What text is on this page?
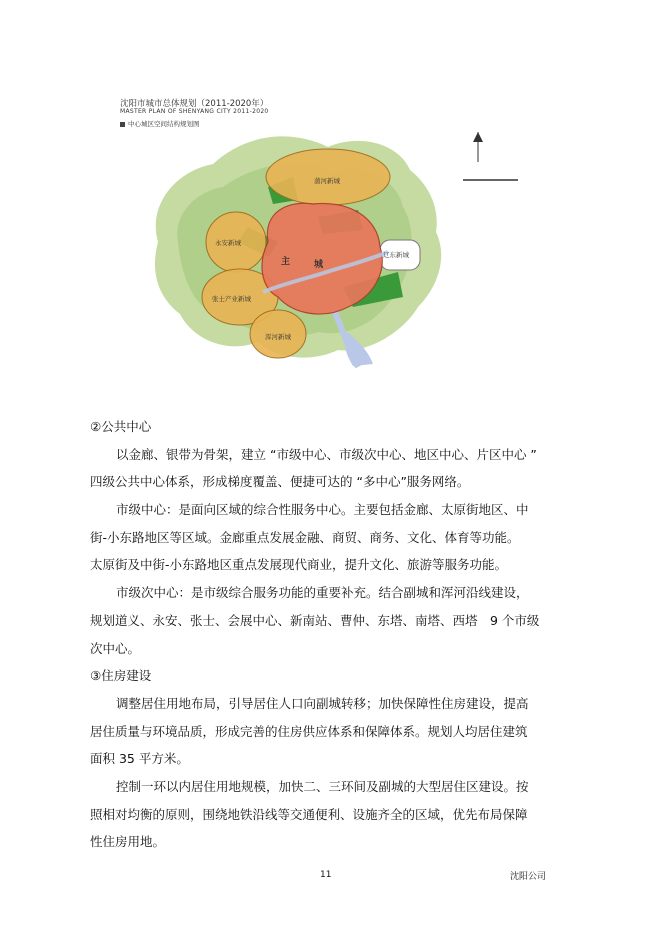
沈阳市城市总体规划（2011-2020年）
MASTER PLAN OF SHENYANG CITY 2011-2020
中心城区空间结构规划图
蒲河新城
永安新城
张士产业新城
浑河新城
辽东新城
主	城
②公共中心
以金廊、银带为骨架，建立 “市级中心、市级次中心、地区中心、片区中心 ”
四级公共中心体系，形成梯度覆盖、便捷可达的 “多中心”服务网络。
市级中心：是面向区域的综合性服务中心。主要包括金廊、太原街地区、中
街-小东路地区等区域。金廊重点发展金融、商贸、商务、文化、体育等功能。
太原街及中街-小东路地区重点发展现代商业，提升文化、旅游等服务功能。
市级次中心：是市级综合服务功能的重要补充。结合副城和浑河沿线建设，
规划道义、永安、张士、会展中心、新南站、曹仲、东塔、南塔、西塔　9 个市级
次中心。
③住房建设
调整居住用地布局，引导居住人口向副城转移；加快保障性住房建设，提高
居住质量与环境品质，形成完善的住房供应体系和保障体系。规划人均居住建筑
面积 35 平方米。
控制一环以内居住用地规模，加快二、三环间及副城的大型居住区建设。按
照相对均衡的原则，围绕地铁沿线等交通便利、设施齐全的区域，优先布局保障
性住房用地。
11	沈阳公司
